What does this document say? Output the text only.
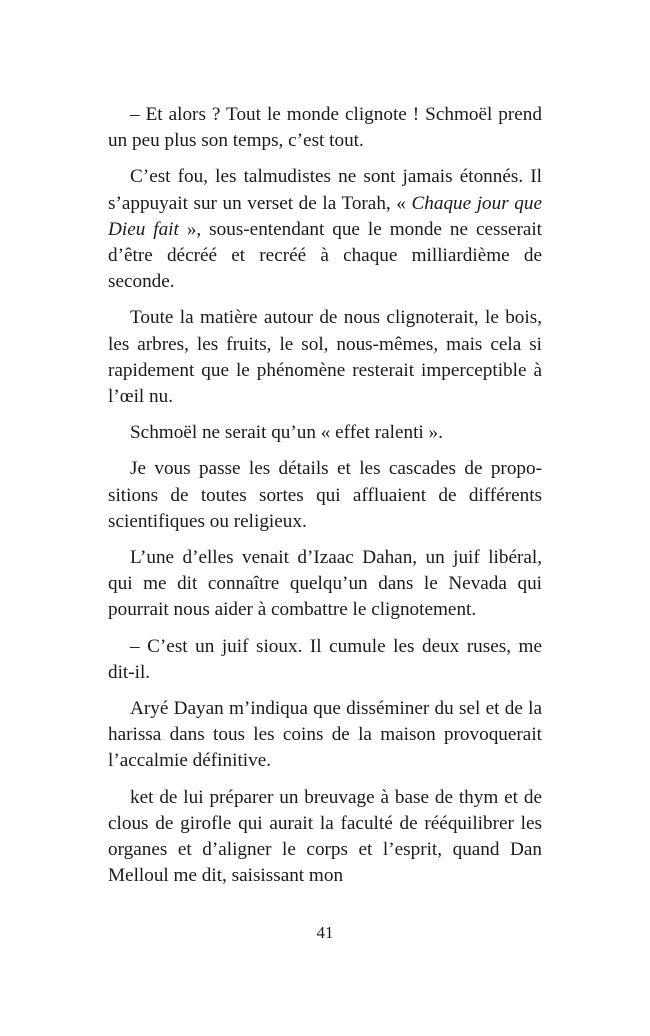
– Et alors ? Tout le monde clignote ! Schmoël prend un peu plus son temps, c’est tout.

C’est fou, les talmudistes ne sont jamais étonnés. Il s’appuyait sur un verset de la Torah, « Chaque jour que Dieu fait », sous-entendant que le monde ne cesserait d’être décréé et recréé à chaque milliardième de seconde.

Toute la matière autour de nous clignoterait, le bois, les arbres, les fruits, le sol, nous-mêmes, mais cela si rapidement que le phénomène resterait imperceptible à l’œil nu.

Schmoël ne serait qu’un « effet ralenti ».

Je vous passe les détails et les cascades de propositions de toutes sortes qui affluaient de différents scientifiques ou religieux.

L’une d’elles venait d’Izaac Dahan, un juif libéral, qui me dit connaître quelqu’un dans le Nevada qui pourrait nous aider à combattre le clignotement.

– C’est un juif sioux. Il cumule les deux ruses, me dit-il.

Aryé Dayan m’indiqua que disséminer du sel et de la harissa dans tous les coins de la maison provoquerait l’accalmie définitive.

ket de lui préparer un breuvage à base de thym et de clous de girofle qui aurait la faculté de rééquilibrer les organes et d’aligner le corps et l’esprit, quand Dan Melloul me dit, saisissant mon

41
